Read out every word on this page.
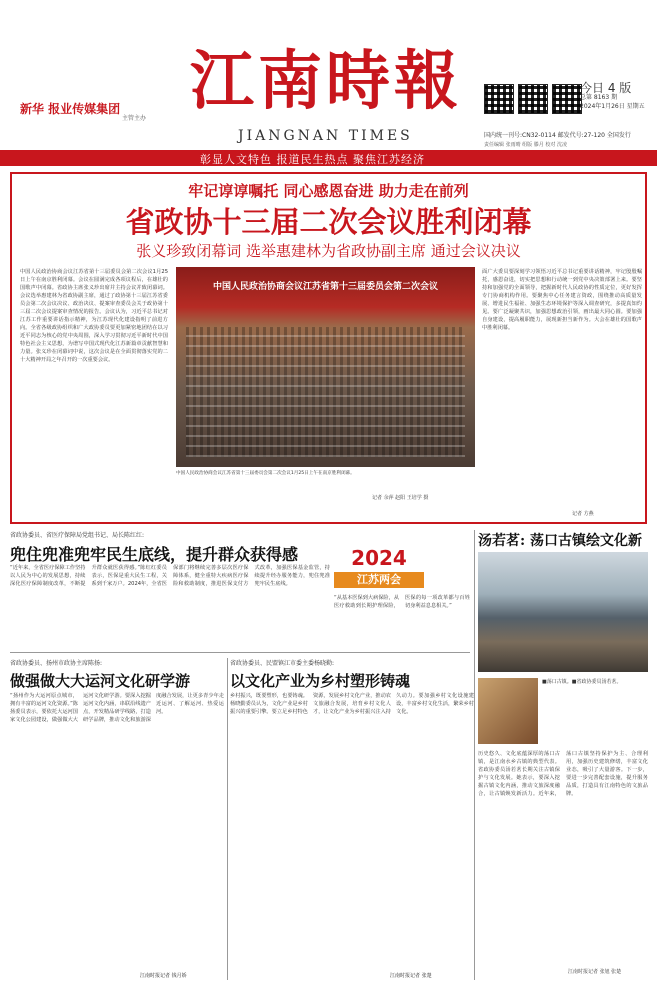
新华 报业传媒集团
主管主办 江南時報
JIANGNAN TIMES
今日 4 版
总第 8163 期
2024年1月26日 星期五
国内统一刊号:CN32-0114 邮发代号:27-120 全国发行
责任编辑 张雨晴 组版 滕月 校对 沈凌
彰显人文特色 报道民生热点 聚焦江苏经济
牢记谆谆嘱托 同心感恩奋进 助力走在前列
省政协十三届二次会议胜利闭幕
张义珍致闭幕词 选举惠建林为省政协副主席 通过会议决议
中国人民政治协商会议江苏省第十三届委员会第二次会议1月25日上午在南京胜利闭幕。会议在圆满完成各项议程后，在雄壮的国歌声中闭幕。省政协主席张义珍出席并主持会议并致闭幕词。会议选举惠建林为省政协副主席，通过了政协第十三届江苏省委员会第二次会议决议、政治决议、提案审查委员会关于政协第十三届二次会议提案审查情况的报告。会议认为，习近平总书记对江苏工作重要讲话指示精神，为江苏现代化建设指明了前进方向。全省各级政协组织和广大政协委员要更加紧密地团结在以习近平同志为核心的党中央周围，深入学习贯彻习近平新时代中国特色社会主义思想，为谱写中国式现代化江苏新篇章贡献智慧和力量。张义珍在闭幕词中说，这次会议是在全面贯彻落实党的二十大精神开局之年召开的一次重要会议。
中国人民政治协商会议江苏省第十三届委员会第二次会议
中国人民政治协商会议江苏省第十三届委员会第二次会议1月25日上午在南京胜利闭幕。
记者 余萍 赵阳 王培学 摄
面广大委员要深刻学习领悟习近平总书记重要讲话精神，牢记殷殷嘱托，感恩奋进，切实把思想和行动统一到党中央决策部署上来。要坚持和加强党的全面领导，把握新时代人民政协的性质定位，更好发挥专门协商机构作用。要聚焦中心任务建言资政，围绕推动高质量发展、增进民生福祉、加强生态环境保护等深入调查研究，多提真知灼见。要广泛凝聚共识，加强思想政治引领，画出最大同心圆。要加强自身建设，提高履职能力，展现新担当新作为。大会在雄壮的国歌声中胜利闭幕。
记者 方燕
省政协委员、省医疗保障局党组书记、局长陈红红:
兜住兜准兜牢民生底线，提升群众获得感
“近年来，全省医疗保障工作坚持以人民为中心的发展思想，持续深化医疗保障制度改革，不断提升群众就医获得感。”陈红红委员表示，医保是重大民生工程，关系到千家万户。2024年，全省医保部门将继续完善多层次医疗保障体系，健全重特大疾病医疗保险和救助制度，推进医保支付方式改革，加强医保基金监管，持续提升经办服务能力，兜住兜准兜牢民生底线。
2024
江苏两会
“从基本医保到大病保险，从医疗救助到长期护理保险，医保的每一项改革都与百姓切身利益息息相关。”
汤若茗: 荡口古镇绘文化新
■荡口古镇。■省政协委员汤若茗。
历史悠久、文化底蕴深厚的荡口古镇，是江南水乡古镇的典型代表。省政协委员汤若茗长期关注古镇保护与文化发展。她表示，要深入挖掘古镇文化内涵，推动文旅深度融合，让古镇焕发新活力。近年来，荡口古镇坚持保护为主、合理利用，加强历史建筑修缮，丰富文化业态，吸引了大量游客。下一步，要进一步完善配套设施，提升服务品质，打造具有江南特色的文旅品牌。
江南时报记者 张旭 张楚
省政协委员、扬州市政协主席陈扬:
做强做大大运河文化研学游
“扬州作为大运河原点城市，拥有丰富的运河文化资源。”陈扬委员表示，要依托大运河国家文化公园建设，做强做大大运河文化研学游。要深入挖掘运河文化内涵，串联沿线遗产点，开发精品研学线路，打造研学品牌，推动文化和旅游深度融合发展，让更多青少年走近运河、了解运河、热爱运河。
江南时报记者 钱月娇
省政协委员、民盟镇江市委主委杨晓勤:
以文化产业为乡村塑形铸魂
乡村振兴，既要塑形，也要铸魂。杨晓勤委员认为，文化产业是乡村振兴的重要引擎。要立足乡村特色资源，发展乡村文化产业，推动农文旅融合发展，培育乡村文化人才，让文化产业为乡村振兴注入持久动力。要加强乡村文化设施建设，丰富乡村文化生活，繁荣乡村文化。
江南时报记者 张楚
